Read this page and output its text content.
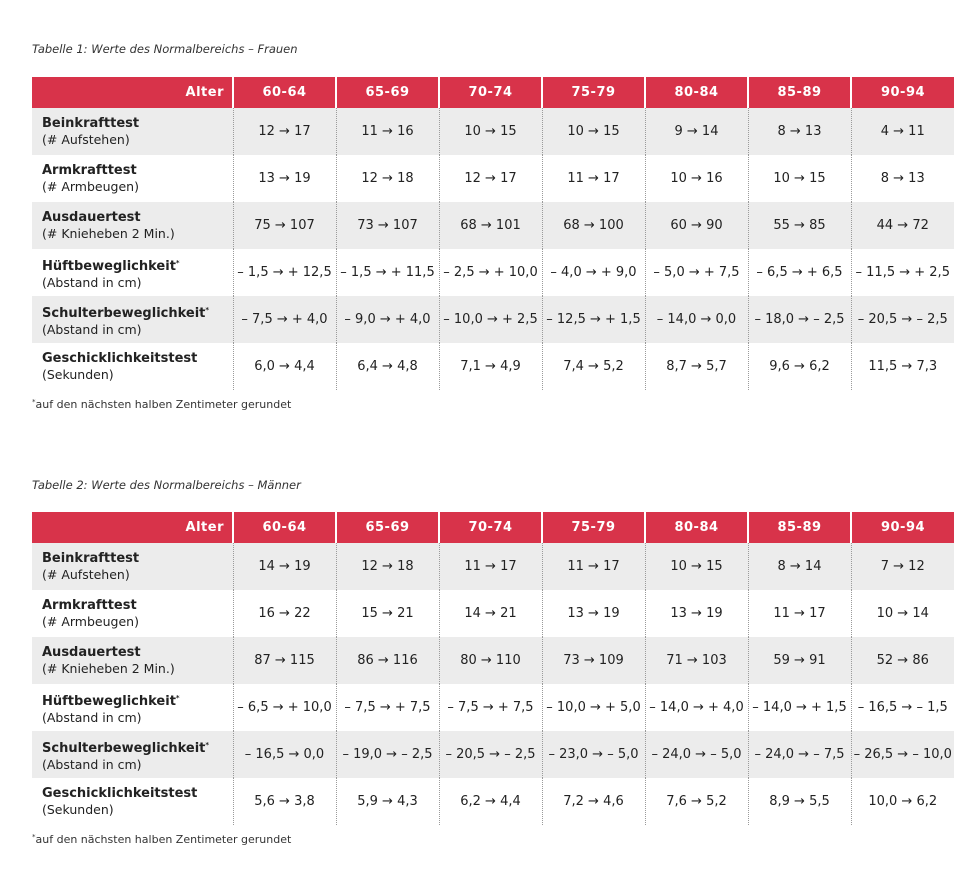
Tabelle 1: Werte des Normalbereichs – Frauen
Alter	60-64	65-69	70-74	75-79	80-84	85-89	90-94

Beinkrafttest
(# Aufstehen)	12 → 17	11 → 16	10 → 15	10 → 15	9 → 14	8 → 13	4 → 11

Armkrafttest
(# Armbeugen)	13 → 19	12 → 18	12 → 17	11 → 17	10 → 16	10 → 15	8 → 13

Ausdauertest
(# Knieheben 2 Min.)	75 → 107	73 → 107	68 → 101	68 → 100	60 → 90	55 → 85	44 → 72

Hüftbeweglichkeit*
(Abstand in cm)	– 1,5 → + 12,5	– 1,5 → + 11,5	– 2,5 → + 10,0	– 4,0 → + 9,0	– 5,0 → + 7,5	– 6,5 → + 6,5	– 11,5 → + 2,5

Schulterbeweglichkeit*
(Abstand in cm)	– 7,5 → + 4,0	– 9,0 → + 4,0	– 10,0 → + 2,5	– 12,5 → + 1,5	– 14,0 → 0,0	– 18,0 → – 2,5	– 20,5 → – 2,5

Geschicklichkeitstest
(Sekunden)	6,0 → 4,4	6,4 → 4,8	7,1 → 4,9	7,4 → 5,2	8,7 → 5,7	9,6 → 6,2	11,5 → 7,3
*auf den nächsten halben Zentimeter gerundet
Tabelle 2: Werte des Normalbereichs – Männer
Alter	60-64	65-69	70-74	75-79	80-84	85-89	90-94

Beinkrafttest
(# Aufstehen)	14 → 19	12 → 18	11 → 17	11 → 17	10 → 15	8 → 14	7 → 12

Armkrafttest
(# Armbeugen)	16 → 22	15 → 21	14 → 21	13 → 19	13 → 19	11 → 17	10 → 14

Ausdauertest
(# Knieheben 2 Min.)	87 → 115	86 → 116	80 → 110	73 → 109	71 → 103	59 → 91	52 → 86

Hüftbeweglichkeit*
(Abstand in cm)	– 6,5 → + 10,0	– 7,5 → + 7,5	– 7,5 → + 7,5	– 10,0 → + 5,0	– 14,0 → + 4,0	– 14,0 → + 1,5	– 16,5 → – 1,5

Schulterbeweglichkeit*
(Abstand in cm)	– 16,5 → 0,0	– 19,0 → – 2,5	– 20,5 → – 2,5	– 23,0 → – 5,0	– 24,0 → – 5,0	– 24,0 → – 7,5	– 26,5 → – 10,0

Geschicklichkeitstest
(Sekunden)	5,6 → 3,8	5,9 → 4,3	6,2 → 4,4	7,2 → 4,6	7,6 → 5,2	8,9 → 5,5	10,0 → 6,2
*auf den nächsten halben Zentimeter gerundet
